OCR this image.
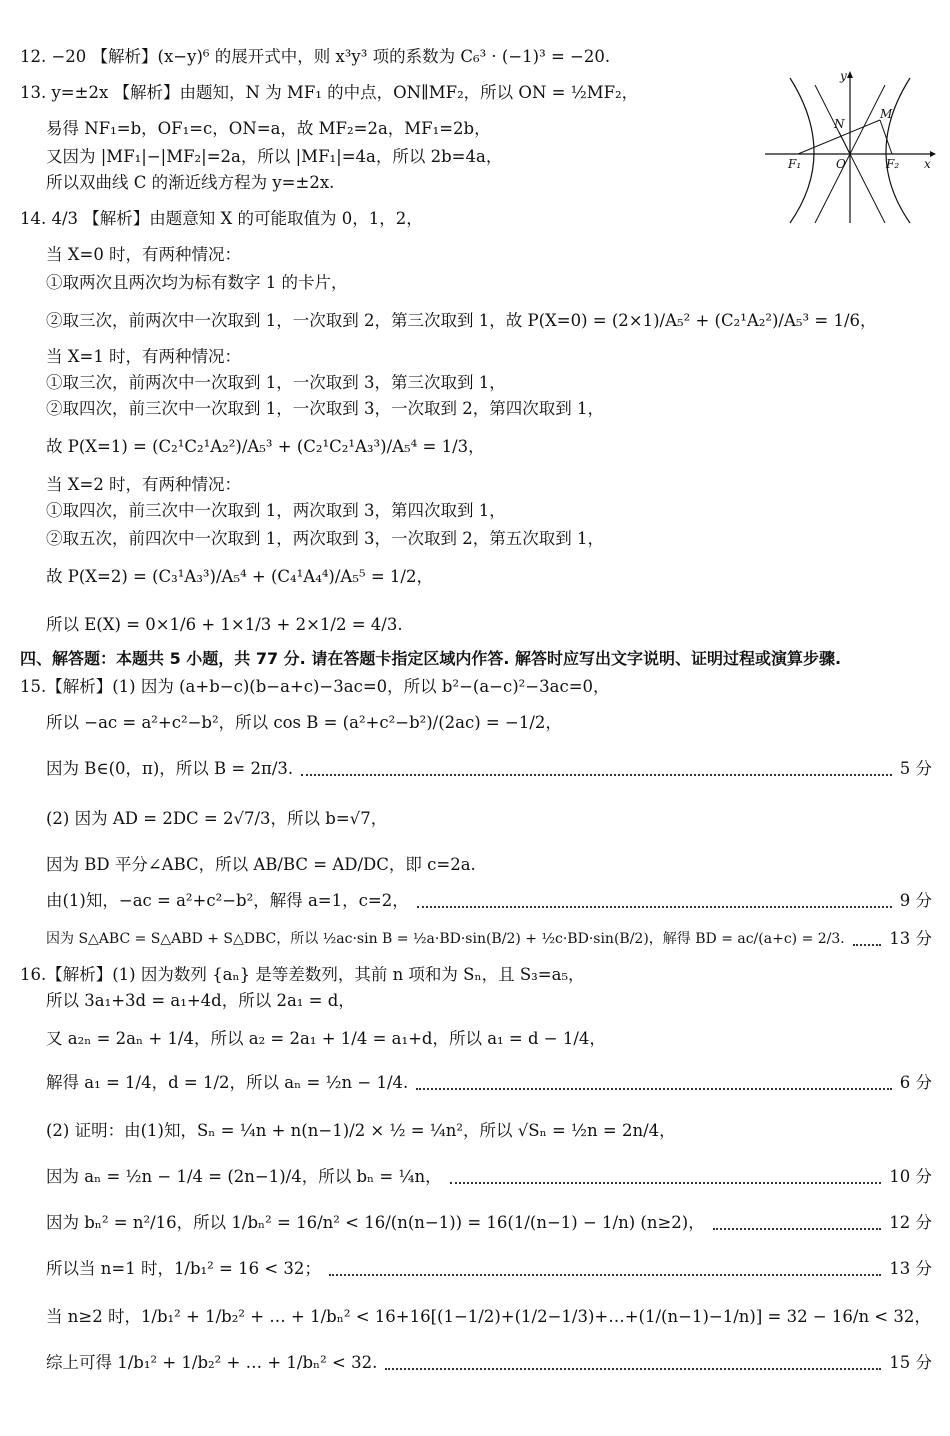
12. −20 【解析】(x−y)⁶ 的展开式中，则 x³y³ 项的系数为 C₆³ · (−1)³ = −20.
13. y=±2x 【解析】由题知，N 为 MF₁ 的中点，ON∥MF₂，所以 ON = ½MF₂，
易得 NF₁=b，OF₁=c，ON=a，故 MF₂=2a，MF₁=2b，
又因为 |MF₁|−|MF₂|=2a，所以 |MF₁|=4a，所以 2b=4a，
所以双曲线 C 的渐近线方程为 y=±2x.
y
x
N
M
O
F₁	F₂
14. 4/3 【解析】由题意知 X 的可能取值为 0，1，2，
当 X=0 时，有两种情况：
①取两次且两次均为标有数字 1 的卡片，
②取三次，前两次中一次取到 1，一次取到 2，第三次取到 1，故 P(X=0) = (2×1)/A₅² + (C₂¹A₂²)/A₅³ = 1/6，
当 X=1 时，有两种情况：
①取三次，前两次中一次取到 1，一次取到 3，第三次取到 1，
②取四次，前三次中一次取到 1，一次取到 3，一次取到 2，第四次取到 1，
故 P(X=1) = (C₂¹C₂¹A₂²)/A₅³ + (C₂¹C₂¹A₃³)/A₅⁴ = 1/3，
当 X=2 时，有两种情况：
①取四次，前三次中一次取到 1，两次取到 3，第四次取到 1，
②取五次，前四次中一次取到 1，两次取到 3，一次取到 2，第五次取到 1，
故 P(X=2) = (C₃¹A₃³)/A₅⁴ + (C₄¹A₄⁴)/A₅⁵ = 1/2，
所以 E(X) = 0×1/6 + 1×1/3 + 2×1/2 = 4/3.
四、解答题：本题共 5 小题，共 77 分. 请在答题卡指定区域内作答. 解答时应写出文字说明、证明过程或演算步骤.
15.【解析】(1) 因为 (a+b−c)(b−a+c)−3ac=0，所以 b²−(a−c)²−3ac=0，
所以 −ac = a²+c²−b²，所以 cos B = (a²+c²−b²)/(2ac) = −1/2，
因为 B∈(0，π)，所以 B = 2π/3.	5 分
(2) 因为 AD = 2DC = 2√7/3，所以 b=√7，
因为 BD 平分∠ABC，所以 AB/BC = AD/DC，即 c=2a.
由(1)知，−ac = a²+c²−b²，解得 a=1，c=2，	9 分
因为 S△ABC = S△ABD + S△DBC，所以 ½ac·sin B = ½a·BD·sin(B/2) + ½c·BD·sin(B/2)，解得 BD = ac/(a+c) = 2/3.	13 分
16.【解析】(1) 因为数列 {aₙ} 是等差数列，其前 n 项和为 Sₙ，且 S₃=a₅，
所以 3a₁+3d = a₁+4d，所以 2a₁ = d，
又 a₂ₙ = 2aₙ + 1/4，所以 a₂ = 2a₁ + 1/4 = a₁+d，所以 a₁ = d − 1/4，
解得 a₁ = 1/4，d = 1/2，所以 aₙ = ½n − 1/4.	6 分
(2) 证明：由(1)知，Sₙ = ¼n + n(n−1)/2 × ½ = ¼n²，所以 √Sₙ = ½n = 2n/4，
因为 aₙ = ½n − 1/4 = (2n−1)/4，所以 bₙ = ¼n，	10 分
因为 bₙ² = n²/16，所以 1/bₙ² = 16/n² < 16/(n(n−1)) = 16(1/(n−1) − 1/n) (n≥2)，	12 分
所以当 n=1 时，1/b₁² = 16 < 32；	13 分
当 n≥2 时，1/b₁² + 1/b₂² + … + 1/bₙ² < 16+16[(1−1/2)+(1/2−1/3)+…+(1/(n−1)−1/n)] = 32 − 16/n < 32，
综上可得 1/b₁² + 1/b₂² + … + 1/bₙ² < 32.	15 分
